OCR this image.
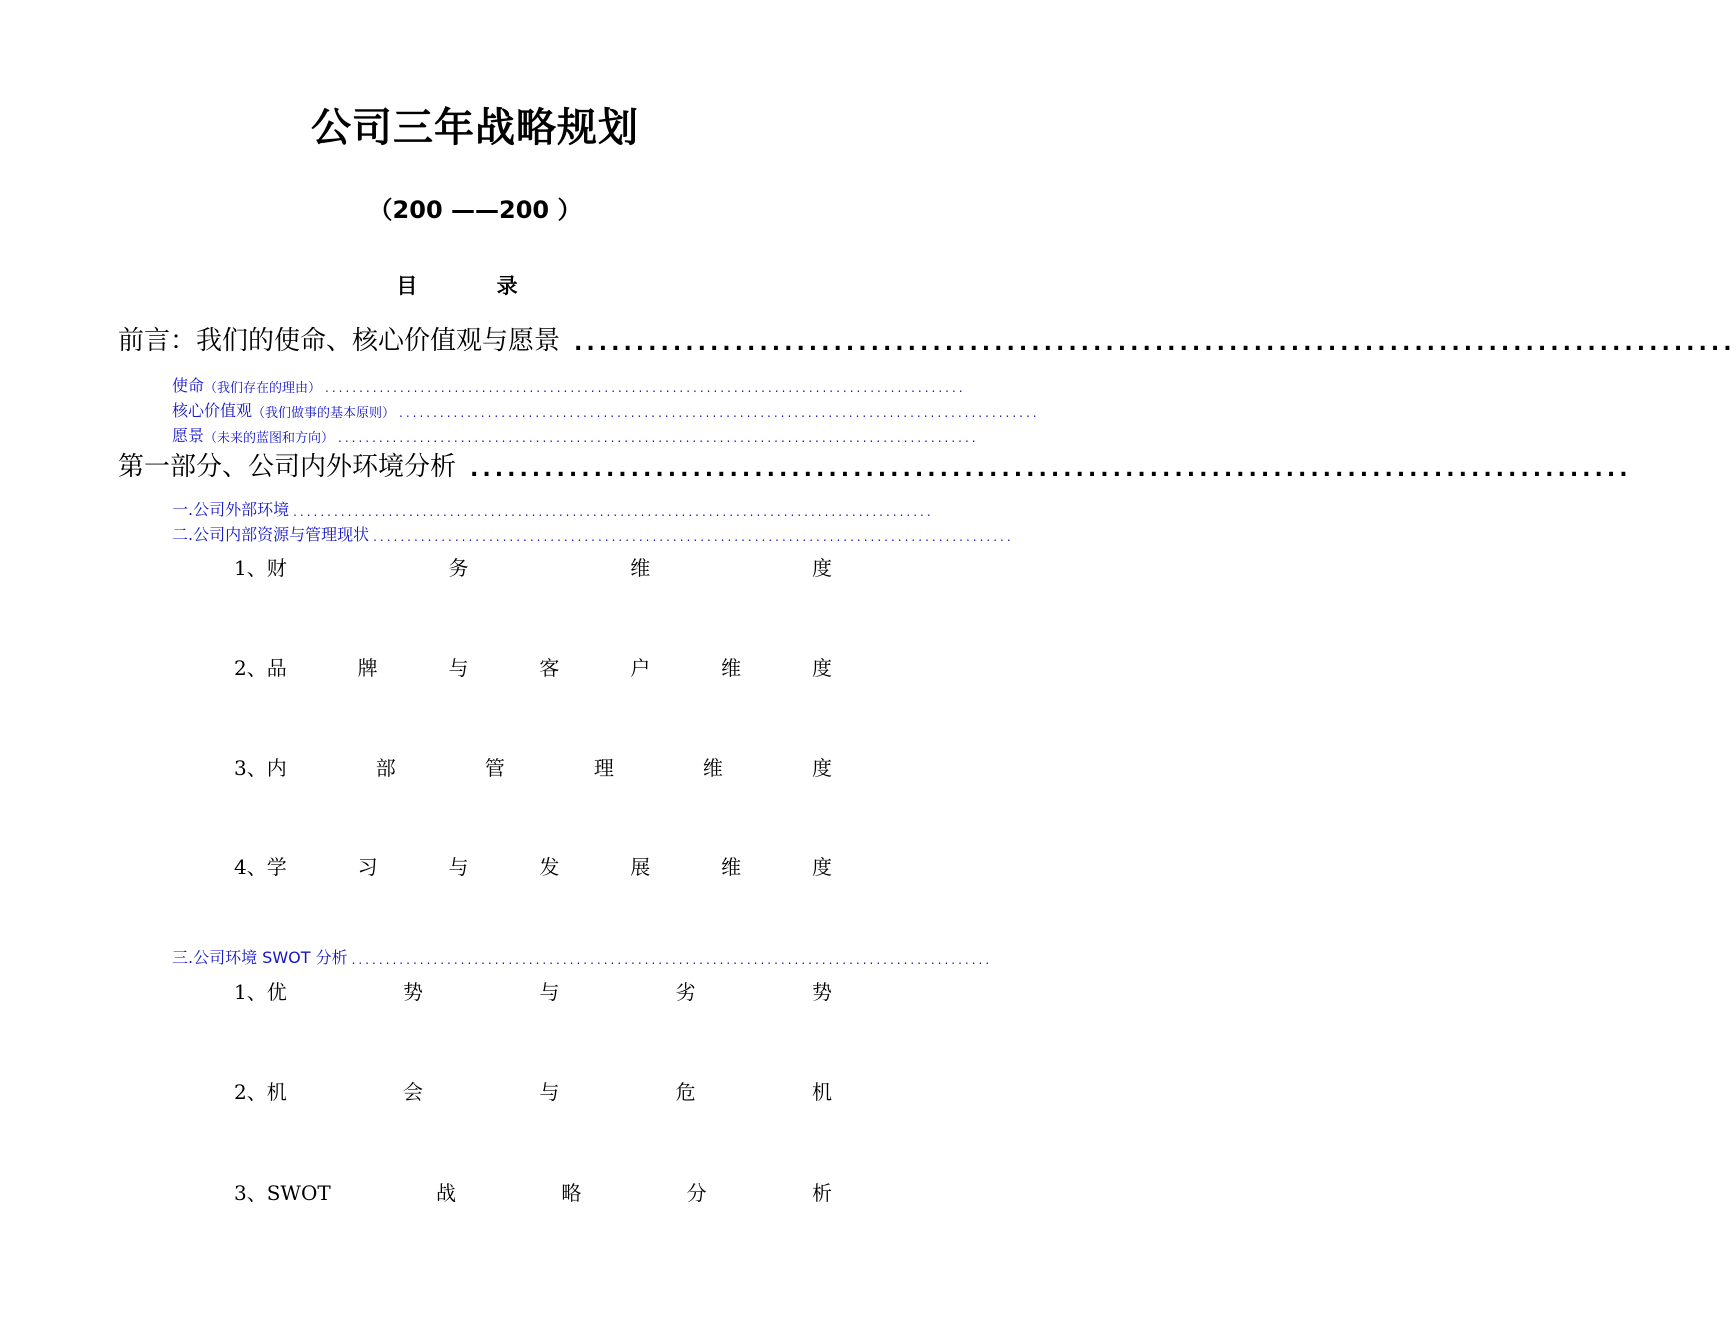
公司三年战略规划
（200 ——200 ）
目 录
前言：我们的使命、核心价值观与愿景 ..............................................................................................
使命 （我们存在的理由） ..............................................................................................
核心价值观 （我们做事的基本原则） ..............................................................................................
愿景 （未来的蓝图和方向） ..............................................................................................
第一部分、公司内外环境分析 ..............................................................................................
一.公司外部环境 ..............................................................................................
二.公司内部资源与管理现状 ..............................................................................................
1、财	务	维	度
2、品	牌	与	客	户	维	度
3、内	部	管	理	维	度
4、学	习	与	发	展	维	度
三.公司环境 SWOT 分析 ..............................................................................................
1、优	势	与	劣	势
2、机	会	与	危	机
3、SWOT	战	略	分	析
